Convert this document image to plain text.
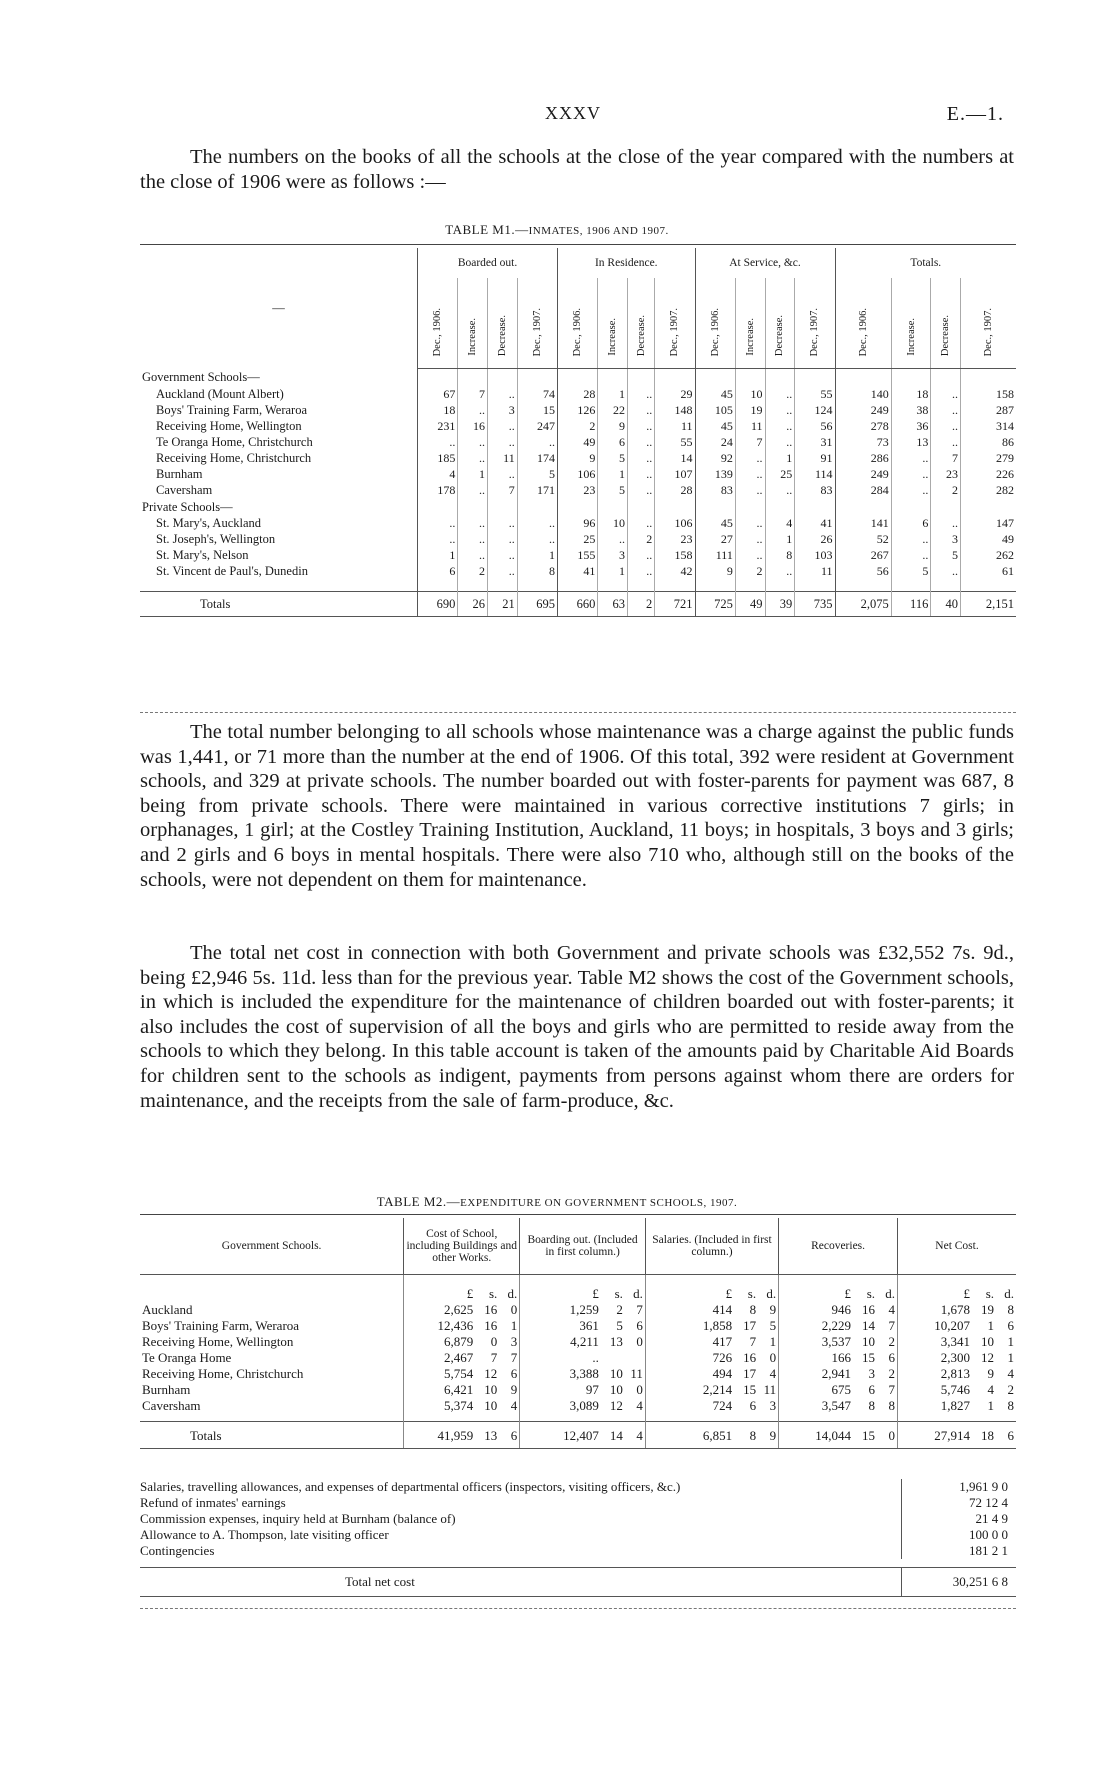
XXXV	E.—1.

The numbers on the books of all the schools at the close of the year compared with the numbers at the close of 1906 were as follows :—

TABLE M1.—INMATES, 1906 AND 1907.
—	Boarded out.				In Residence.				At Service, &c.				Totals.			
	Dec., 1906.	Increase.	Decrease.	Dec., 1907.	Dec., 1906.	Increase.	Decrease.	Dec., 1907.	Dec., 1906.	Increase.	Decrease.	Dec., 1907.	Dec., 1906.	Increase.	Decrease.	Dec., 1907.
Government Schools—																
Auckland (Mount Albert)	67	7	..	74	28	1	..	29	45	10	..	55	140	18	..	158
Boys' Training Farm, Weraroa	18	..	3	15	126	22	..	148	105	19	..	124	249	38	..	287
Receiving Home, Wellington	231	16	..	247	2	9	..	11	45	11	..	56	278	36	..	314
Te Oranga Home, Christchurch	..	..	..	..	49	6	..	55	24	7	..	31	73	13	..	86
Receiving Home, Christchurch	185	..	11	174	9	5	..	14	92	..	1	91	286	..	7	279
Burnham	4	1	..	5	106	1	..	107	139	..	25	114	249	..	23	226
Caversham	178	..	7	171	23	5	..	28	83	..	..	83	284	..	2	282
Private Schools—																
St. Mary's, Auckland	..	..	..	..	96	10	..	106	45	..	4	41	141	6	..	147
St. Joseph's, Wellington	..	..	..	..	25	..	2	23	27	..	1	26	52	..	3	49
St. Mary's, Nelson	1	..	..	1	155	3	..	158	111	..	8	103	267	..	5	262
St. Vincent de Paul's, Dunedin	6	2	..	8	41	1	..	42	9	2	..	11	56	5	..	61

Totals	690	26	21	695	660	63	2	721	725	49	39	735	2,075	116	40	2,151

The total number belonging to all schools whose maintenance was a charge against the public funds was 1,441, or 71 more than the number at the end of 1906. Of this total, 392 were resident at Government schools, and 329 at private schools. The number boarded out with foster-parents for payment was 687, 8 being from private schools. There were maintained in various corrective institutions 7 girls; in orphanages, 1 girl; at the Costley Training Institution, Auckland, 11 boys; in hospitals, 3 boys and 3 girls; and 2 girls and 6 boys in mental hospitals. There were also 710 who, although still on the books of the schools, were not dependent on them for maintenance.

The total net cost in connection with both Government and private schools was £32,552 7s. 9d., being £2,946 5s. 11d. less than for the previous year. Table M2 shows the cost of the Government schools, in which is included the expenditure for the maintenance of children boarded out with foster-parents; it also includes the cost of supervision of all the boys and girls who are permitted to reside away from the schools to which they belong. In this table account is taken of the amounts paid by Charitable Aid Boards for children sent to the schools as indigent, payments from persons against whom there are orders for maintenance, and the receipts from the sale of farm-produce, &c.

TABLE M2.—EXPENDITURE ON GOVERNMENT SCHOOLS, 1907.
Government Schools.	Cost of School, including Buildings and other Works.	Boarding out. (Included in first column.)	Salaries. (Included in first column.)	Recoveries.	Net Cost.
	£ s. d.	£ s. d.	£ s. d.	£ s. d.	£ s. d.
Auckland	2,625 16 0	1,259 2 7	414 8 9	946 16 4	1,678 19 8
Boys' Training Farm, Weraroa	12,436 16 1	361 5 6	1,858 17 5	2,229 14 7	10,207 1 6
Receiving Home, Wellington	6,879 0 3	4,211 13 0	417 7 1	3,537 10 2	3,341 10 1
Te Oranga Home	2,467 7 7	..	726 16 0	166 15 6	2,300 12 1
Receiving Home, Christchurch	5,754 12 6	3,388 10 11	494 17 4	2,941 3 2	2,813 9 4
Burnham	6,421 10 9	97 10 0	2,214 15 11	675 6 7	5,746 4 2
Caversham	5,374 10 4	3,089 12 4	724 6 3	3,547 8 8	1,827 1 8

Totals	41,959 13 6	12,407 14 4	6,851 8 9	14,044 15 0	27,914 18 6
Salaries, travelling allowances, and expenses of departmental officers (inspectors, visiting officers, &c.)	1,961 9 0
Refund of inmates' earnings	72 12 4
Commission expenses, inquiry held at Burnham (balance of)	21 4 9
Allowance to A. Thompson, late visiting officer	100 0 0
Contingencies	181 2 1
Total net cost	30,251 6 8
